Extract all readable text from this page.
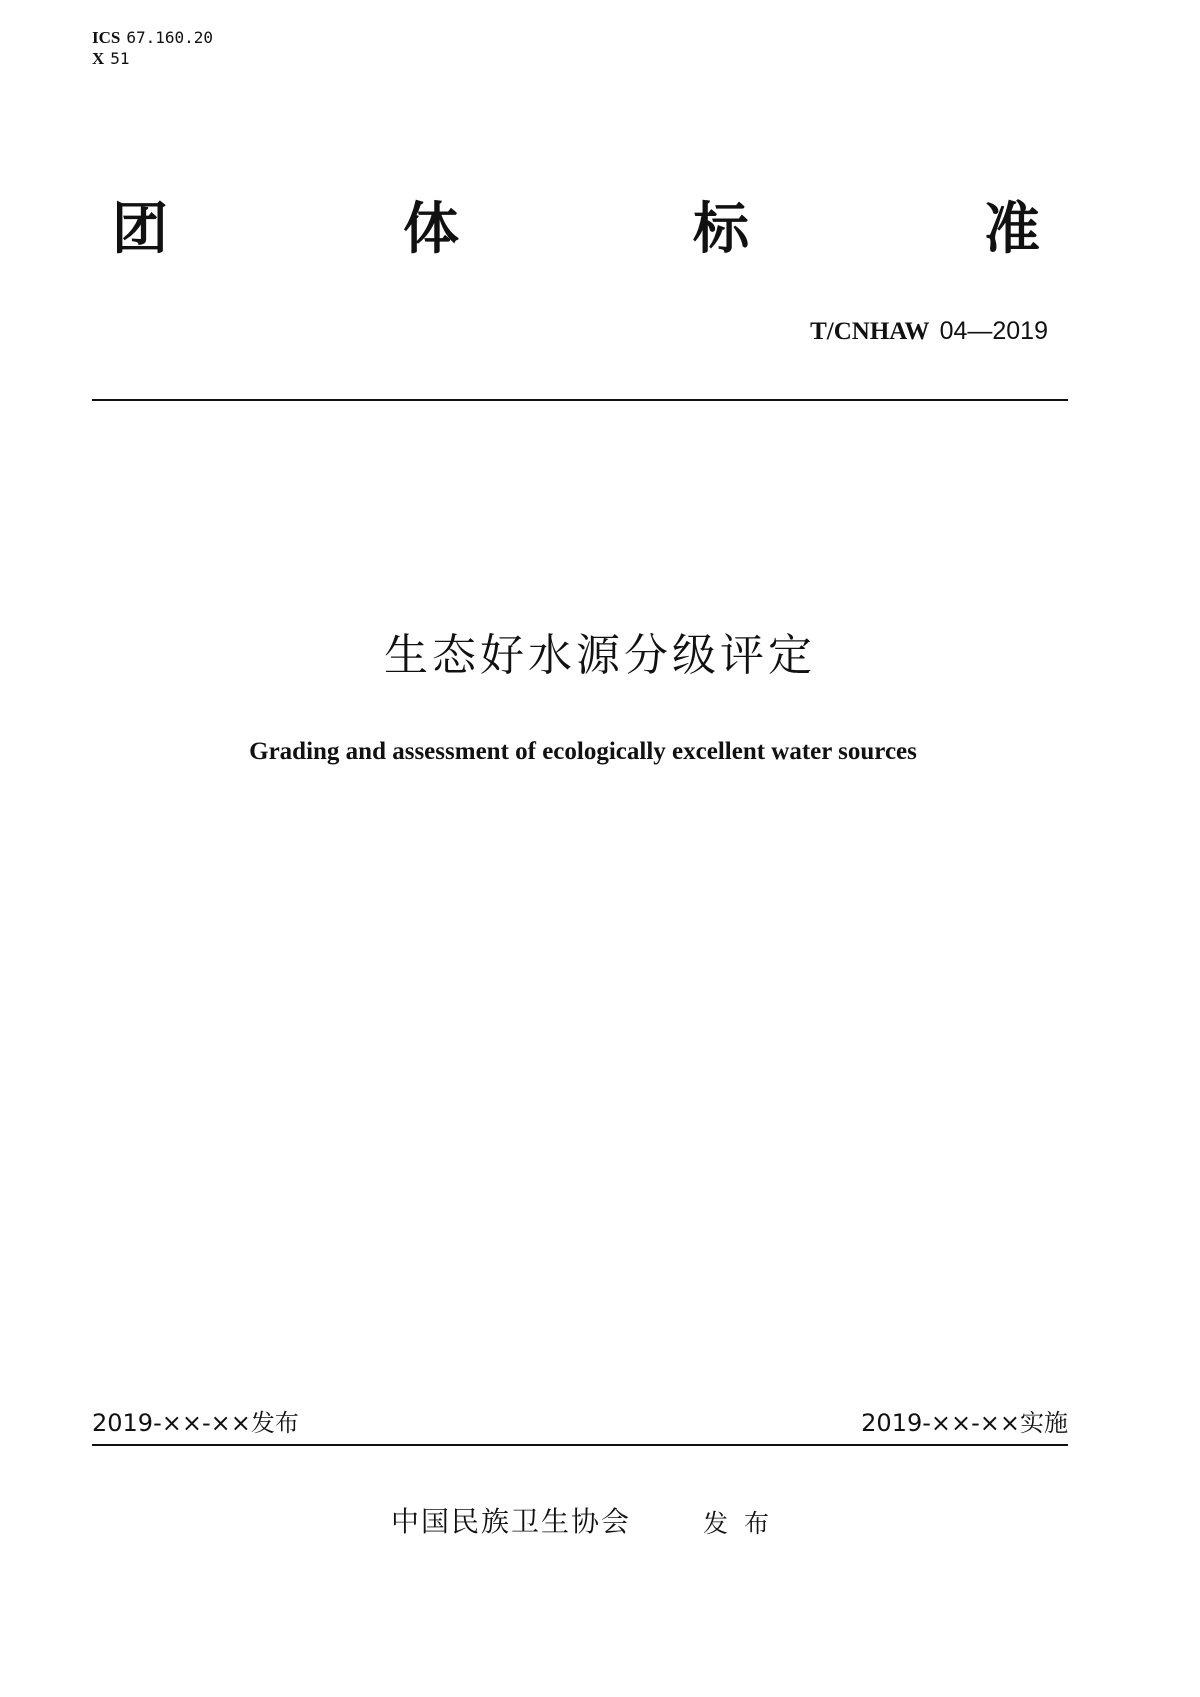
ICS 67.160.20
X 51
团	体	标	准
T/CNHAW 04—2019
生态好水源分级评定
Grading and assessment of ecologically excellent water sources
2019-××-××发布	2019-××-××实施
中国民族卫生协会	发布
